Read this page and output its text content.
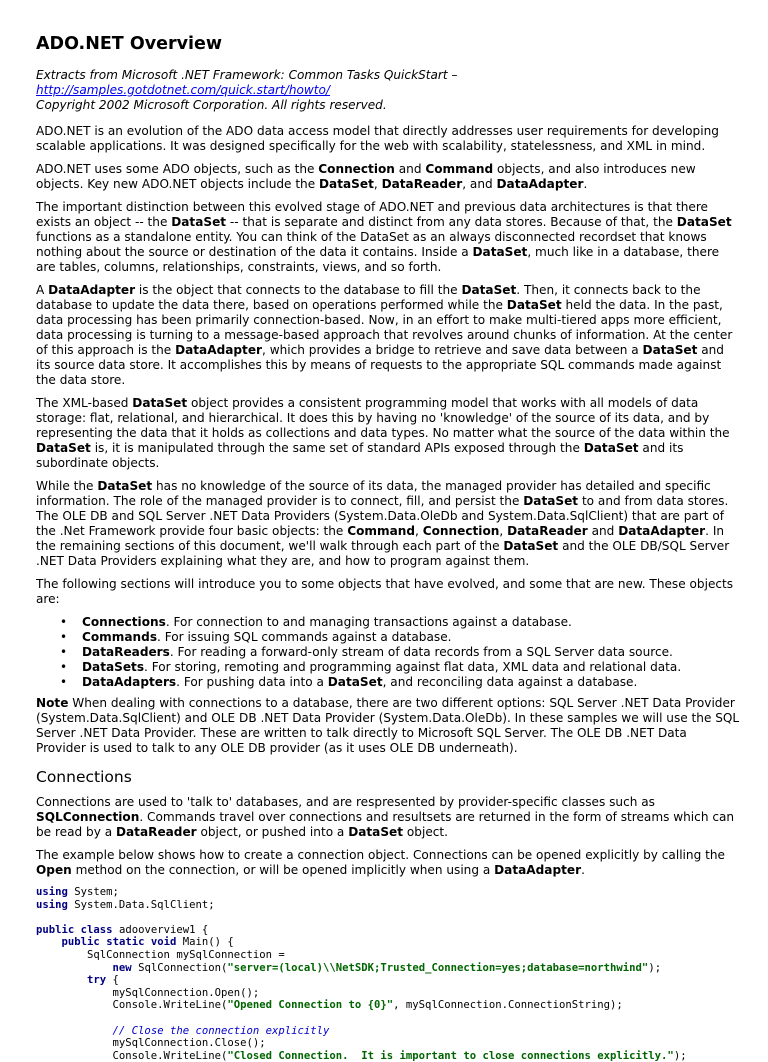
ADO.NET Overview
Extracts from Microsoft .NET Framework: Common Tasks QuickStart – http://samples.gotdotnet.com/quick.start/howto/
Copyright 2002 Microsoft Corporation. All rights reserved.

ADO.NET is an evolution of the ADO data access model that directly addresses user requirements for developing scalable applications. It was designed specifically for the web with scalability, statelessness, and XML in mind.

ADO.NET uses some ADO objects, such as the Connection and Command objects, and also introduces new objects. Key new ADO.NET objects include the DataSet, DataReader, and DataAdapter.

The important distinction between this evolved stage of ADO.NET and previous data architectures is that there exists an object -- the DataSet -- that is separate and distinct from any data stores. Because of that, the DataSet functions as a standalone entity. You can think of the DataSet as an always disconnected recordset that knows nothing about the source or destination of the data it contains. Inside a DataSet, much like in a database, there are tables, columns, relationships, constraints, views, and so forth.

A DataAdapter is the object that connects to the database to fill the DataSet. Then, it connects back to the database to update the data there, based on operations performed while the DataSet held the data. In the past, data processing has been primarily connection-based. Now, in an effort to make multi-tiered apps more efficient, data processing is turning to a message-based approach that revolves around chunks of information. At the center of this approach is the DataAdapter, which provides a bridge to retrieve and save data between a DataSet and its source data store. It accomplishes this by means of requests to the appropriate SQL commands made against the data store.

The XML-based DataSet object provides a consistent programming model that works with all models of data storage: flat, relational, and hierarchical. It does this by having no 'knowledge' of the source of its data, and by representing the data that it holds as collections and data types. No matter what the source of the data within the DataSet is, it is manipulated through the same set of standard APIs exposed through the DataSet and its subordinate objects.

While the DataSet has no knowledge of the source of its data, the managed provider has detailed and specific information. The role of the managed provider is to connect, fill, and persist the DataSet to and from data stores. The OLE DB and SQL Server .NET Data Providers (System.Data.OleDb and System.Data.SqlClient) that are part of the .Net Framework provide four basic objects: the Command, Connection, DataReader and DataAdapter. In the remaining sections of this document, we'll walk through each part of the DataSet and the OLE DB/SQL Server .NET Data Providers explaining what they are, and how to program against them.

The following sections will introduce you to some objects that have evolved, and some that are new. These objects are:

• Connections. For connection to and managing transactions against a database.
• Commands. For issuing SQL commands against a database.
• DataReaders. For reading a forward-only stream of data records from a SQL Server data source.
• DataSets. For storing, remoting and programming against flat data, XML data and relational data.
• DataAdapters. For pushing data into a DataSet, and reconciling data against a database.

Note When dealing with connections to a database, there are two different options: SQL Server .NET Data Provider (System.Data.SqlClient) and OLE DB .NET Data Provider (System.Data.OleDb). In these samples we will use the SQL Server .NET Data Provider. These are written to talk directly to Microsoft SQL Server. The OLE DB .NET Data Provider is used to talk to any OLE DB provider (as it uses OLE DB underneath).

Connections

Connections are used to 'talk to' databases, and are respresented by provider-specific classes such as SQLConnection. Commands travel over connections and resultsets are returned in the form of streams which can be read by a DataReader object, or pushed into a DataSet object.

The example below shows how to create a connection object. Connections can be opened explicitly by calling the Open method on the connection, or will be opened implicitly when using a DataAdapter.

using System;
using System.Data.SqlClient;

public class adooverview1 {
public static void Main() {
SqlConnection mySqlConnection =
new SqlConnection("server=(local)\\NetSDK;Trusted_Connection=yes;database=northwind");
try {
mySqlConnection.Open();
Console.WriteLine("Opened Connection to {0}", mySqlConnection.ConnectionString);

// Close the connection explicitly
mySqlConnection.Close();
Console.WriteLine("Closed Connection.  It is important to close connections explicitly.");
